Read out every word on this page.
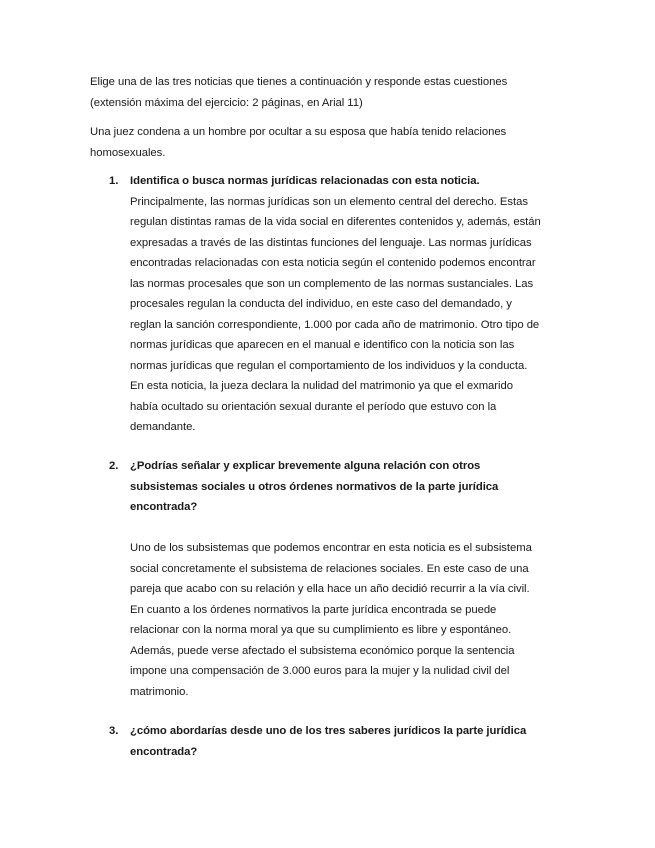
Elige una de las tres noticias que tienes a continuación y responde estas cuestiones
(extensión máxima del ejercicio: 2 páginas, en Arial 11)

Una juez condena a un hombre por ocultar a su esposa que había tenido relaciones
homosexuales.

1. Identifica o busca normas jurídicas relacionadas con esta noticia.
Principalmente, las normas jurídicas son un elemento central del derecho. Estas
regulan distintas ramas de la vida social en diferentes contenidos y, además, están
expresadas a través de las distintas funciones del lenguaje. Las normas jurídicas
encontradas relacionadas con esta noticia según el contenido podemos encontrar
las normas procesales que son un complemento de las normas sustanciales. Las
procesales regulan la conducta del individuo, en este caso del demandado, y
reglan la sanción correspondiente, 1.000 por cada año de matrimonio. Otro tipo de
normas jurídicas que aparecen en el manual e identifico con la noticia son las
normas jurídicas que regulan el comportamiento de los individuos y la conducta.
En esta noticia, la jueza declara la nulidad del matrimonio ya que el exmarido
había ocultado su orientación sexual durante el período que estuvo con la
demandante.
2. ¿Podrías señalar y explicar brevemente alguna relación con otros
subsistemas sociales u otros órdenes normativos de la parte jurídica
encontrada?
Uno de los subsistemas que podemos encontrar en esta noticia es el subsistema
social concretamente el subsistema de relaciones sociales. En este caso de una
pareja que acabo con su relación y ella hace un año decidió recurrir a la vía civil.
En cuanto a los órdenes normativos la parte jurídica encontrada se puede
relacionar con la norma moral ya que su cumplimiento es libre y espontáneo.
Además, puede verse afectado el subsistema económico porque la sentencia
impone una compensación de 3.000 euros para la mujer y la nulidad civil del
matrimonio.
3. ¿cómo abordarías desde uno de los tres saberes jurídicos la parte jurídica
encontrada?
